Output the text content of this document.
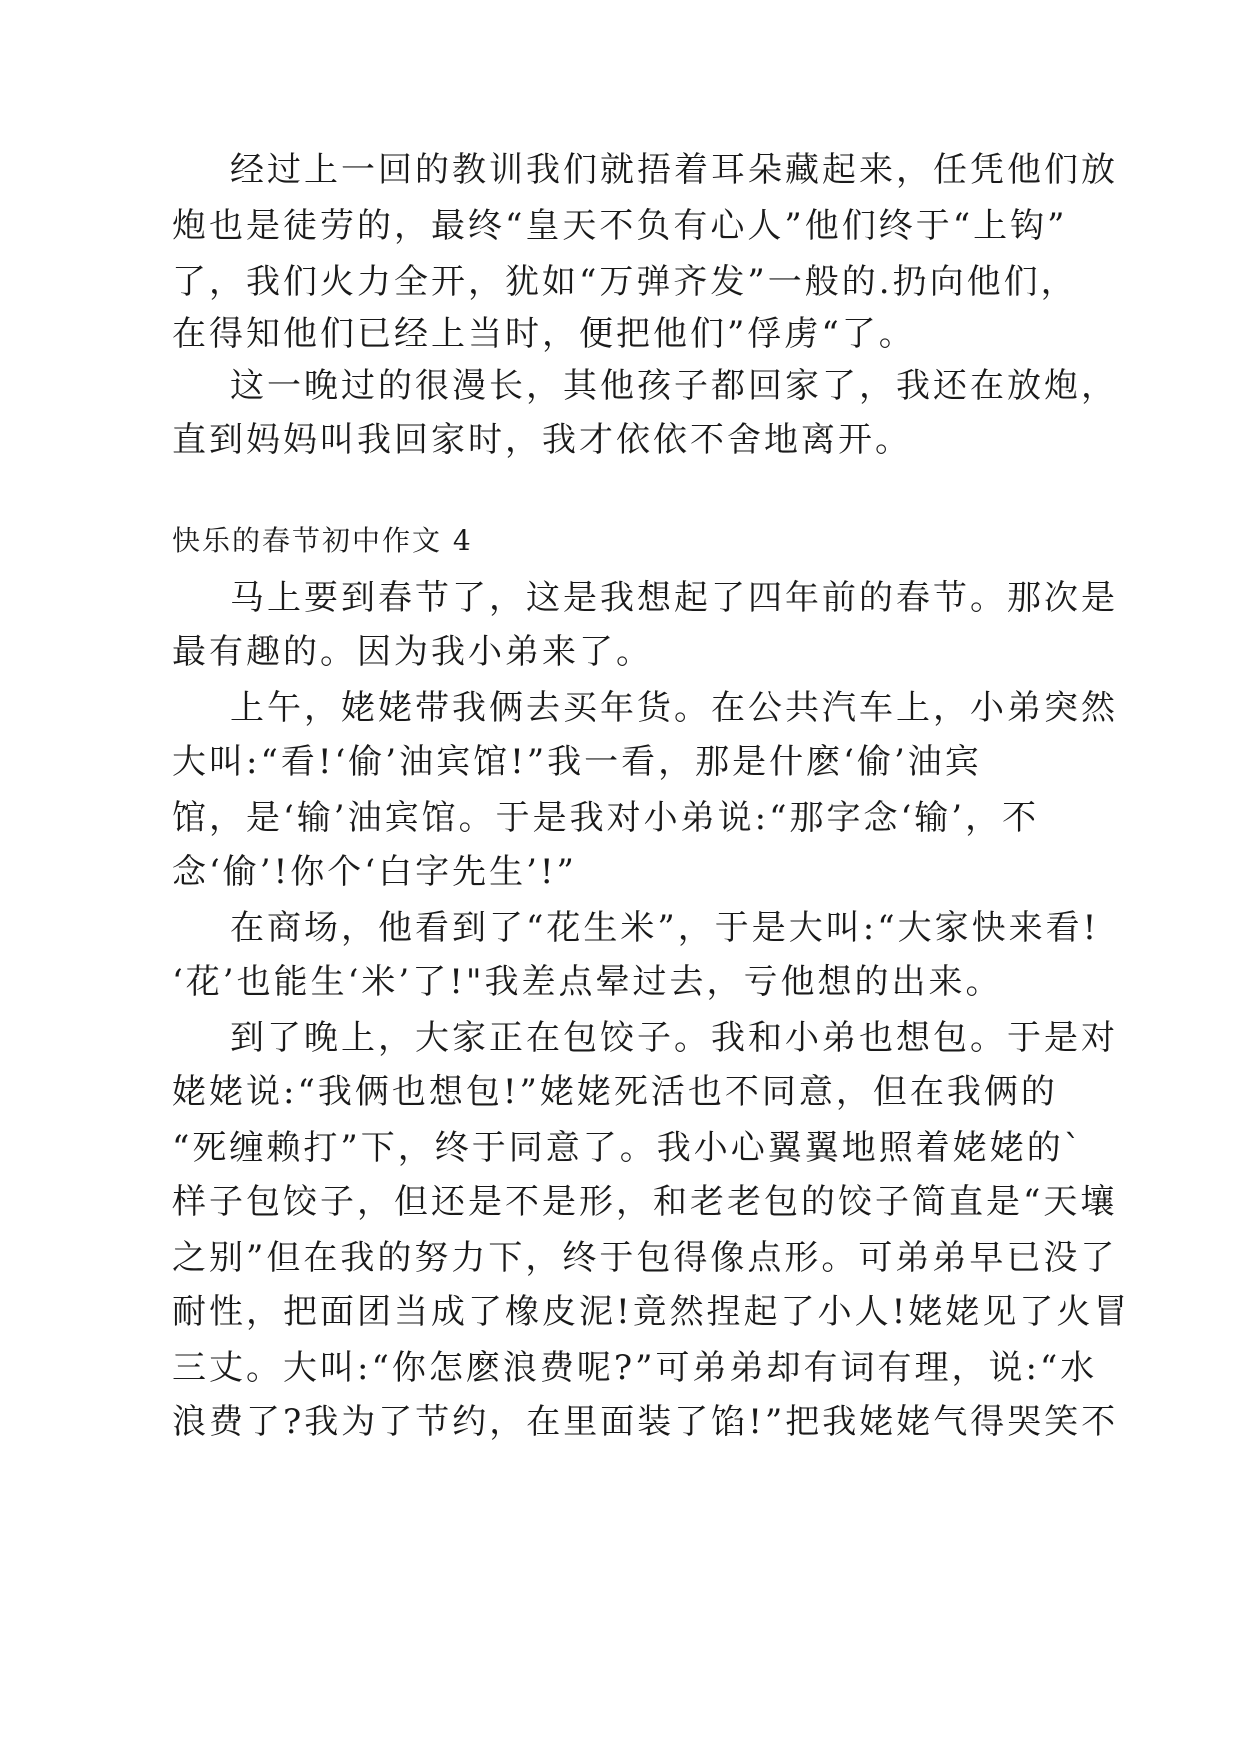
经过上一回的教训我们就捂着耳朵藏起来，任凭他们放
炮也是徒劳的，最终“皇天不负有心人”他们终于“上钩”
了，我们火力全开，犹如“万弹齐发”一般的.扔向他们，
在得知他们已经上当时，便把他们”俘虏“了。
这一晚过的很漫长，其他孩子都回家了，我还在放炮，
直到妈妈叫我回家时，我才依依不舍地离开。
快乐的春节初中作文 4
马上要到春节了，这是我想起了四年前的春节。那次是
最有趣的。因为我小弟来了。
上午，姥姥带我俩去买年货。在公共汽车上，小弟突然
大叫:“看!‘偷’油宾馆!”我一看，那是什麽‘偷’油宾
馆，是‘输’油宾馆。于是我对小弟说:“那字念‘输’，不
念‘偷’!你个‘白字先生’!”
在商场，他看到了“花生米”，于是大叫:“大家快来看!
‘花’也能生‘米’了!"我差点晕过去，亏他想的出来。
到了晚上，大家正在包饺子。我和小弟也想包。于是对
姥姥说:“我俩也想包!”姥姥死活也不同意，但在我俩的
“死缠赖打”下，终于同意了。我小心翼翼地照着姥姥的`
样子包饺子，但还是不是形，和老老包的饺子简直是“天壤
之别”但在我的努力下，终于包得像点形。可弟弟早已没了
耐性，把面团当成了橡皮泥!竟然捏起了小人!姥姥见了火冒
三丈。大叫:“你怎麽浪费呢?”可弟弟却有词有理，说:“水
浪费了?我为了节约，在里面装了馅!”把我姥姥气得哭笑不
